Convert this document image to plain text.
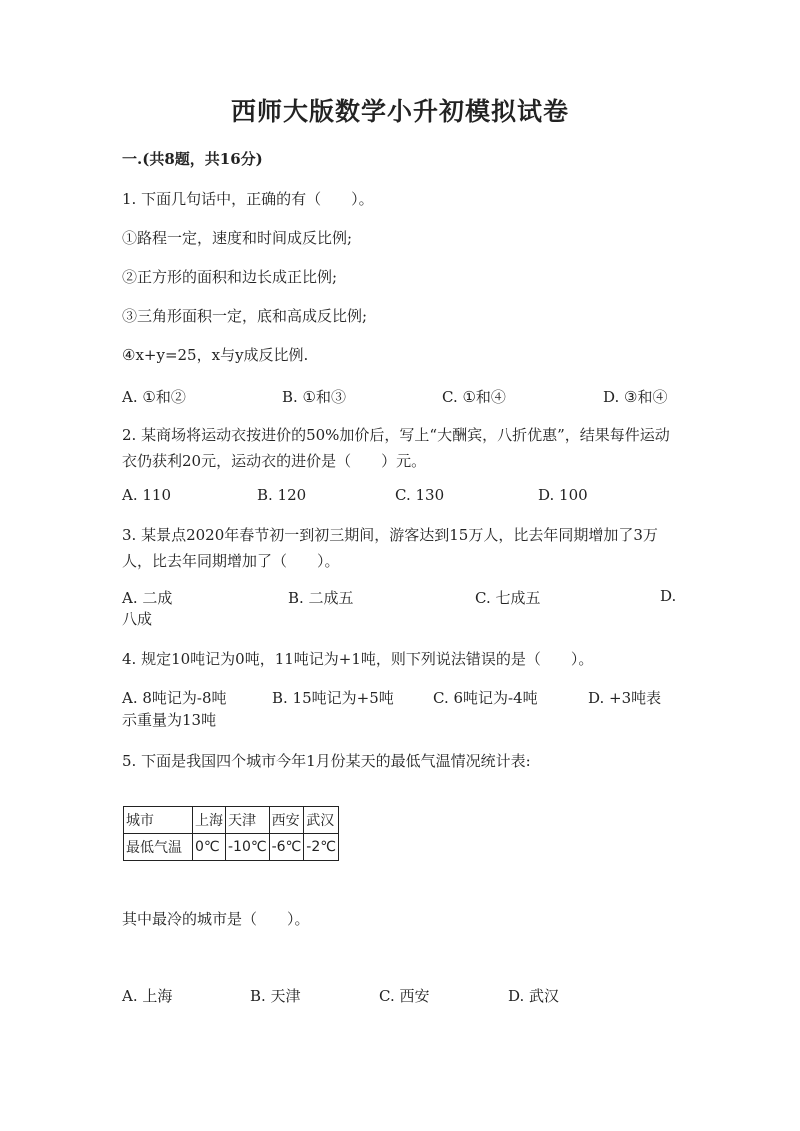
西师大版数学小升初模拟试卷
一.(共8题，共16分)
1. 下面几句话中，正确的有（　　）。
①路程一定，速度和时间成反比例;
②正方形的面积和边长成正比例;
③三角形面积一定，底和高成反比例;
④x+y=25，x与y成反比例.
A. ①和②	B. ①和③	C. ①和④	D. ③和④
2. 某商场将运动衣按进价的50%加价后，写上“大酬宾，八折优惠”，结果每件运动衣仍获利20元，运动衣的进价是（　　）元。
A. 110	B. 120	C. 130	D. 100
3. 某景点2020年春节初一到初三期间，游客达到15万人，比去年同期增加了3万人，比去年同期增加了（　　）。
A. 二成	B. 二成五	C. 七成五	D.
八成
4. 规定10吨记为0吨，11吨记为+1吨，则下列说法错误的是（　　）。
A. 8吨记为-8吨	B. 15吨记为+5吨	C. 6吨记为-4吨	D. +3吨表
示重量为13吨
5. 下面是我国四个城市今年1月份某天的最低气温情况统计表:
城市	上海	天津	西安	武汉
最低气温	0℃	-10℃	-6℃	-2℃
其中最冷的城市是（　　）。
A. 上海	B. 天津	C. 西安	D. 武汉
